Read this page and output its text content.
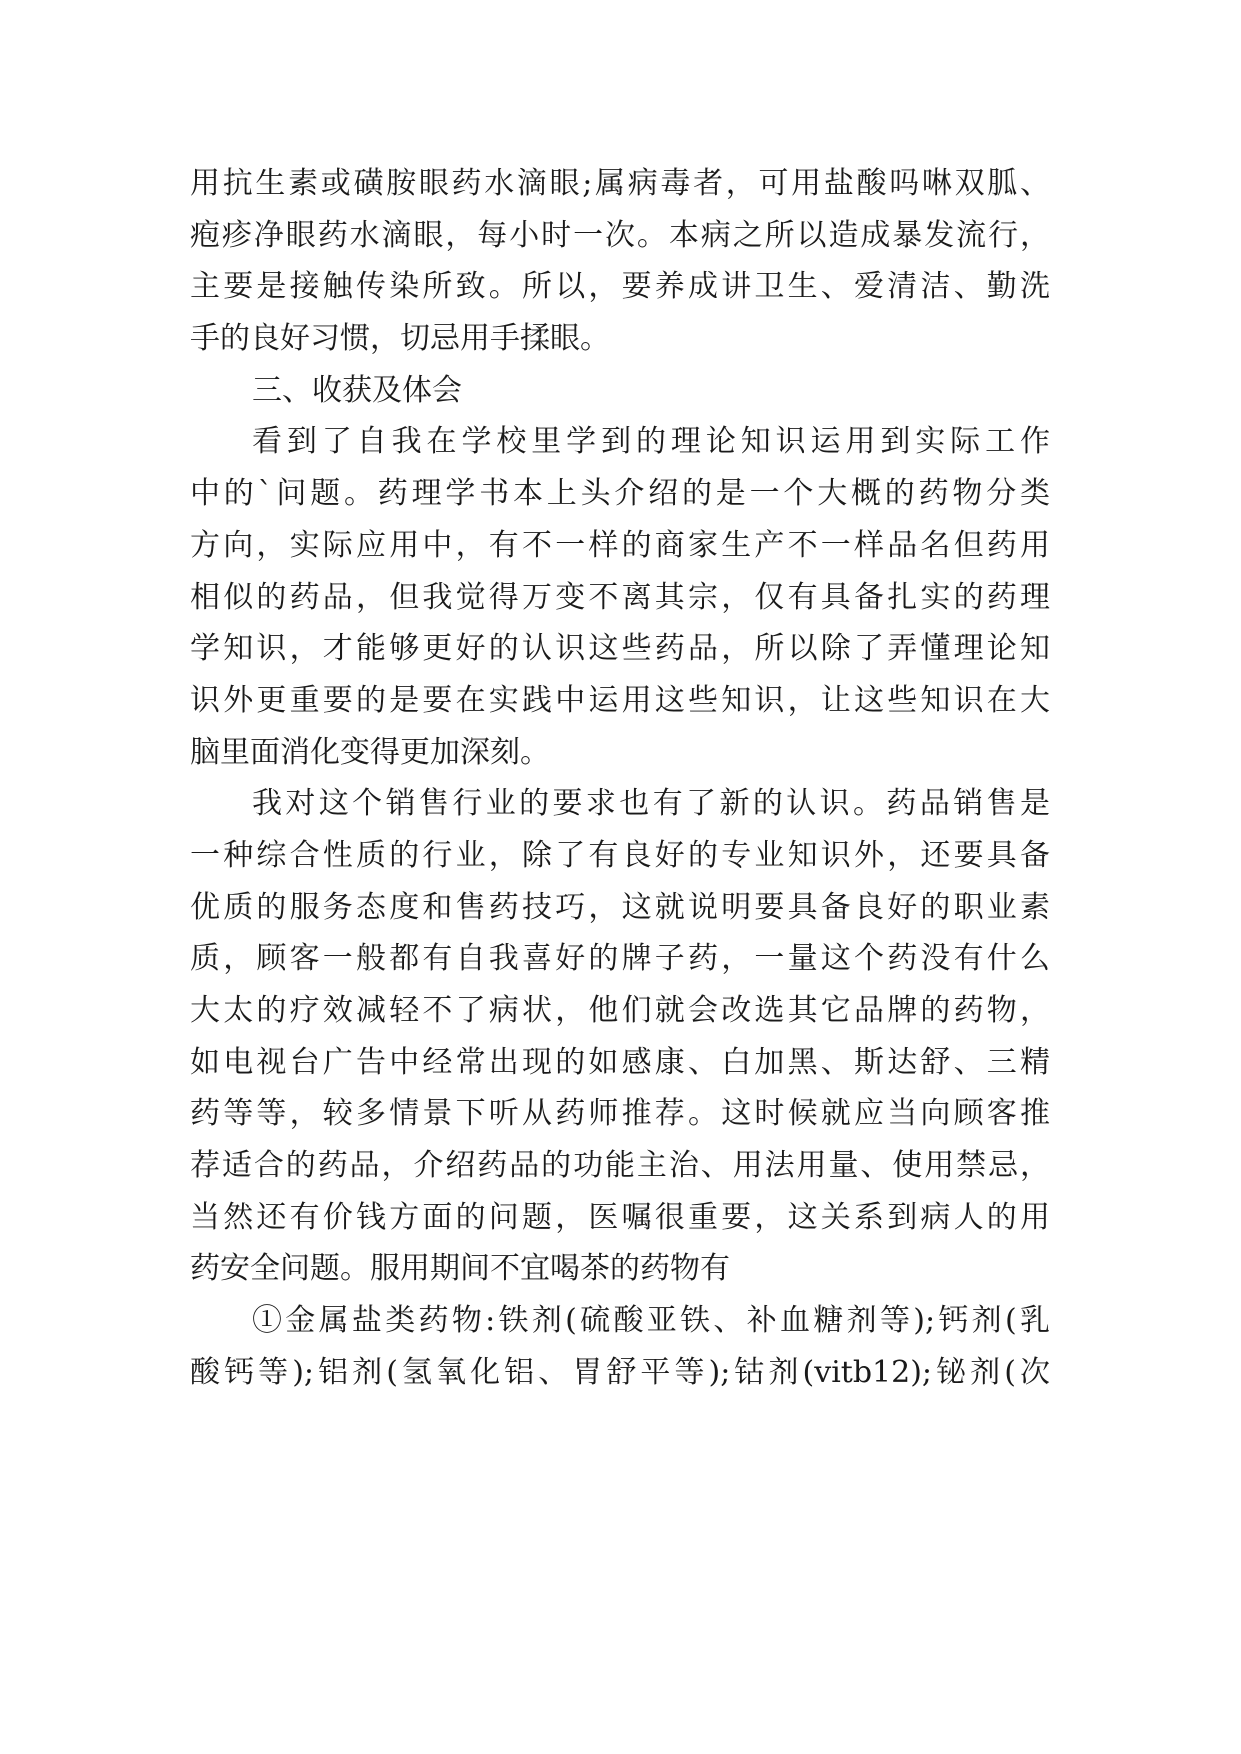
用抗生素或磺胺眼药水滴眼;属病毒者，可用盐酸吗啉双胍、
疱疹净眼药水滴眼，每小时一次。本病之所以造成暴发流行，
主要是接触传染所致。所以，要养成讲卫生、爱清洁、勤洗
手的良好习惯，切忌用手揉眼。
三、收获及体会
看到了自我在学校里学到的理论知识运用到实际工作
中的`问题。药理学书本上头介绍的是一个大概的药物分类
方向，实际应用中，有不一样的商家生产不一样品名但药用
相似的药品，但我觉得万变不离其宗，仅有具备扎实的药理
学知识，才能够更好的认识这些药品，所以除了弄懂理论知
识外更重要的是要在实践中运用这些知识，让这些知识在大
脑里面消化变得更加深刻。
我对这个销售行业的要求也有了新的认识。药品销售是
一种综合性质的行业，除了有良好的专业知识外，还要具备
优质的服务态度和售药技巧，这就说明要具备良好的职业素
质，顾客一般都有自我喜好的牌子药，一量这个药没有什么
大太的疗效减轻不了病状，他们就会改选其它品牌的药物，
如电视台广告中经常出现的如感康、白加黑、斯达舒、三精
药等等，较多情景下听从药师推荐。这时候就应当向顾客推
荐适合的药品，介绍药品的功能主治、用法用量、使用禁忌，
当然还有价钱方面的问题，医嘱很重要，这关系到病人的用
药安全问题。服用期间不宜喝茶的药物有
①金属盐类药物:铁剂(硫酸亚铁、补血糖剂等);钙剂(乳
酸钙等);铝剂(氢氧化铝、胃舒平等);钴剂(vitb12);铋剂(次
